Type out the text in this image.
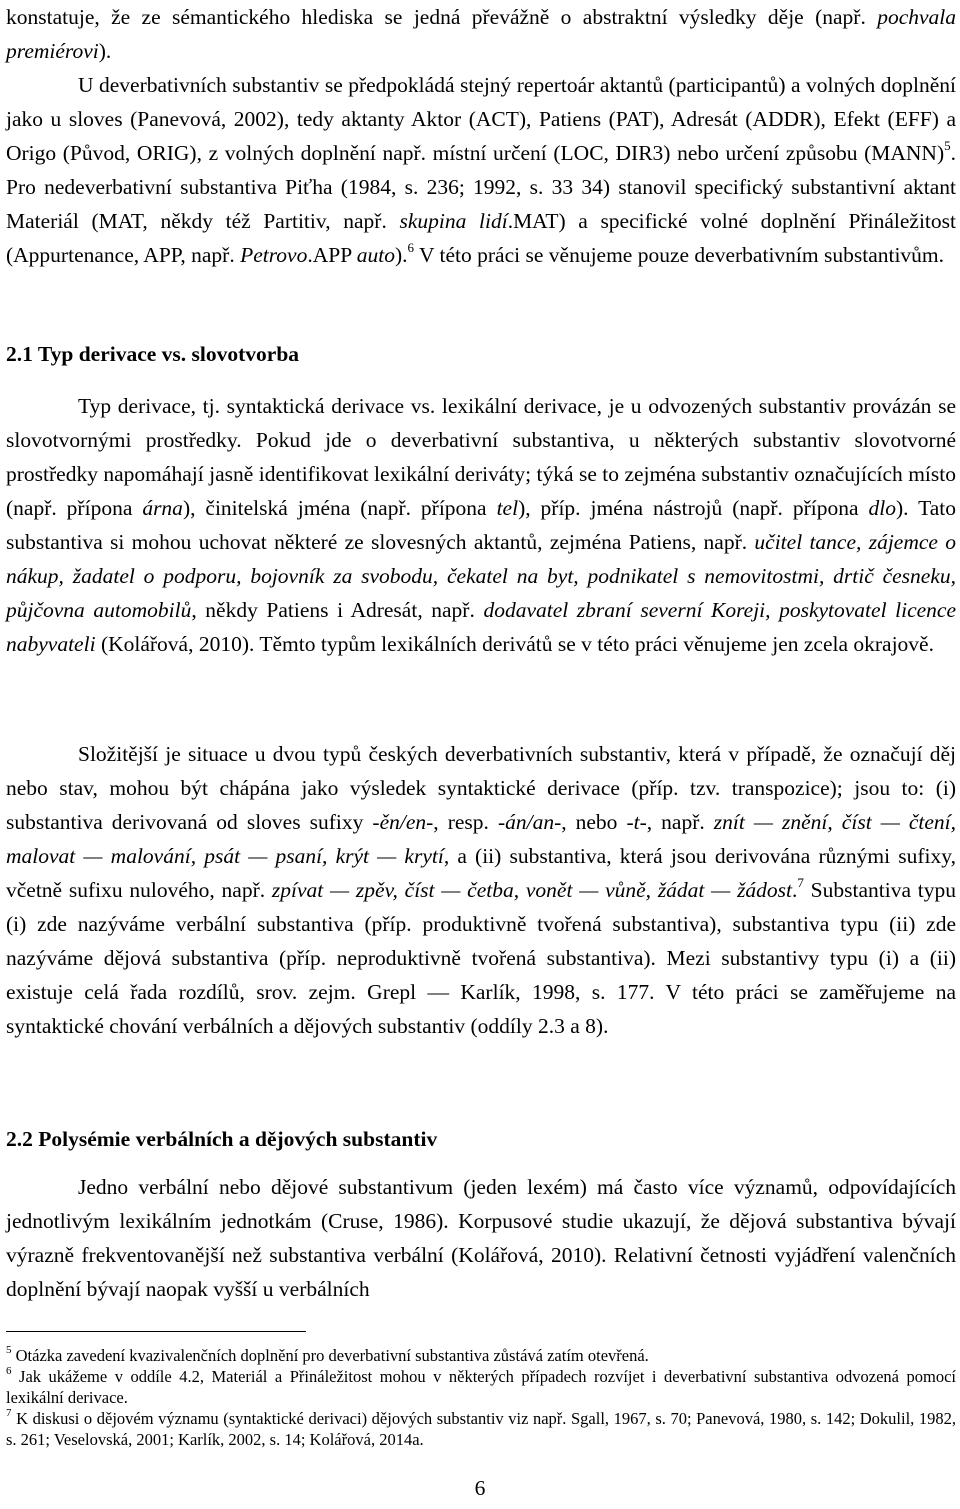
konstatuje, že ze sémantického hlediska se jedná převážně o abstraktní výsledky děje (např. pochvala premiérovi).

U deverbativních substantiv se předpokládá stejný repertoár aktantů (participantů) a volných doplnění jako u sloves (Panevová, 2002), tedy aktanty Aktor (ACT), Patiens (PAT), Adresát (ADDR), Efekt (EFF) a Origo (Původ, ORIG), z volných doplnění např. místní určení (LOC, DIR3) nebo určení způsobu (MANN)$^5$. Pro nedeverbativní substantiva Piťha (1984, s. 236; 1992, s. 33 34) stanovil specifický substantivní aktant Materiál (MAT, někdy též Partitiv, např. skupina lidí.MAT) a specifické volné doplnění Přináležitost (Appurtenance, APP, např. Petrovo.APP auto).$^6$ V této práci se věnujeme pouze deverbativním substantivům.

2.1 Typ derivace vs. slovotvorba

Typ derivace, tj. syntaktická derivace vs. lexikální derivace, je u odvozených substantiv provázán se slovotvornými prostředky. Pokud jde o deverbativní substantiva, u některých substantiv slovotvorné prostředky napomáhají jasně identifikovat lexikální deriváty; týká se to zejména substantiv označujících místo (např. přípona árna), činitelská jména (např. přípona tel), příp. jména nástrojů (např. přípona dlo). Tato substantiva si mohou uchovat některé ze slovesných aktantů, zejména Patiens, např. učitel tance, zájemce o nákup, žadatel o podporu, bojovník za svobodu, čekatel na byt, podnikatel s nemovitostmi, drtič česneku, půjčovna automobilů, někdy Patiens i Adresát, např. dodavatel zbraní severní Koreji, poskytovatel licence nabyvateli (Kolářová, 2010). Těmto typům lexikálních derivátů se v této práci věnujeme jen zcela okrajově.

Složitější je situace u dvou typů českých deverbativních substantiv, která v případě, že označují děj nebo stav, mohou být chápána jako výsledek syntaktické derivace (příp. tzv. transpozice); jsou to: (i) substantiva derivovaná od sloves sufixy -ěn/en-, resp. -án/an-, nebo -t-, např. znít — znění, číst — čtení, malovat — malování, psát — psaní, krýt — krytí, a (ii) substantiva, která jsou derivována různými sufixy, včetně sufixu nulového, např. zpívat — zpěv, číst — četba, vonět — vůně, žádat — žádost.$^7$ Substantiva typu (i) zde nazýváme verbální substantiva (příp. produktivně tvořená substantiva), substantiva typu (ii) zde nazýváme dějová substantiva (příp. neproduktivně tvořená substantiva). Mezi substantivy typu (i) a (ii) existuje celá řada rozdílů, srov. zejm. Grepl — Karlík, 1998, s. 177. V této práci se zaměřujeme na syntaktické chování verbálních a dějových substantiv (oddíly 2.3 a 8).

2.2 Polysémie verbálních a dějových substantiv

Jedno verbální nebo dějové substantivum (jeden lexém) má často více významů, odpovídajících jednotlivým lexikálním jednotkám (Cruse, 1986). Korpusové studie ukazují, že dějová substantiva bývají výrazně frekventovanější než substantiva verbální (Kolářová, 2010). Relativní četnosti vyjádření valenčních doplnění bývají naopak vyšší u verbálních

$^5$ Otázka zavedení kvazivalenčních doplnění pro deverbativní substantiva zůstává zatím otevřená.

$^6$ Jak ukážeme v oddíle 4.2, Materiál a Přináležitost mohou v některých případech rozvíjet i deverbativní substantiva odvozená pomocí lexikální derivace.

$^7$ K diskusi o dějovém významu (syntaktické derivaci) dějových substantiv viz např. Sgall, 1967, s. 70; Panevová, 1980, s. 142; Dokulil, 1982, s. 261; Veselovská, 2001; Karlík, 2002, s. 14; Kolářová, 2014a.

6
